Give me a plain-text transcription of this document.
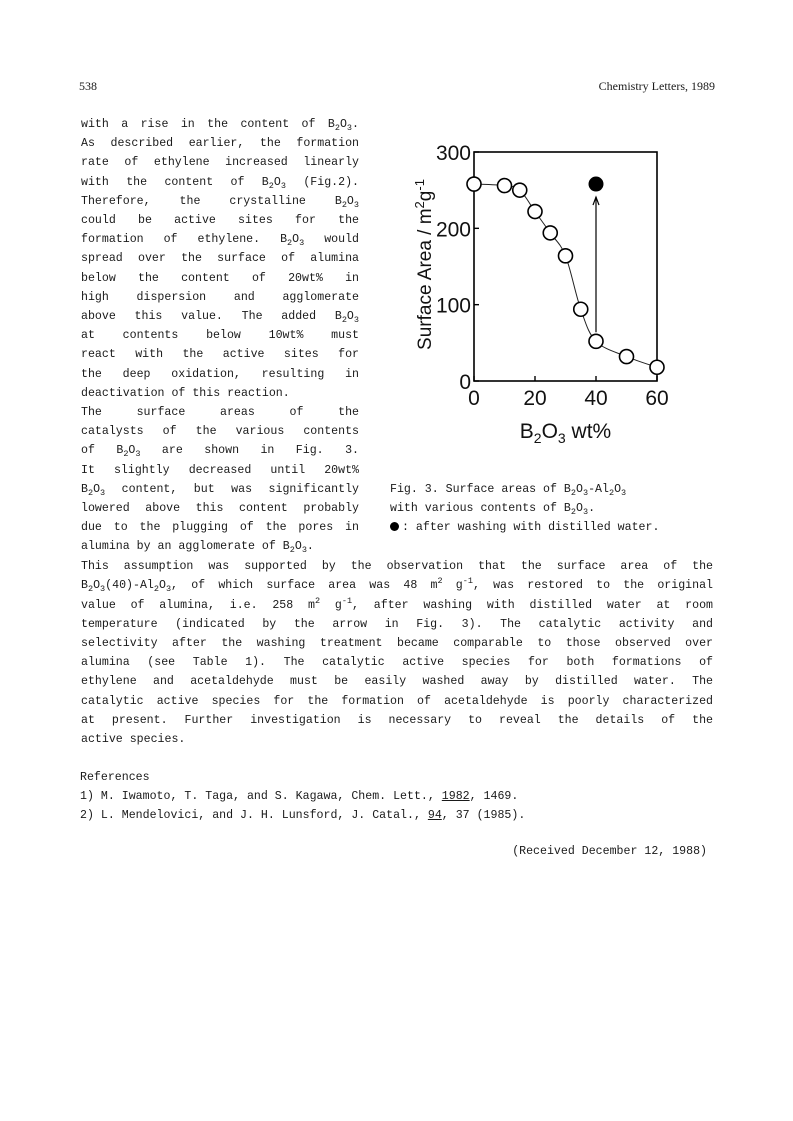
538	Chemistry Letters, 1989
with a rise in the content of $B_2O_3$.
As described earlier, the formation
rate of ethylene increased linearly
with the content of $B_2O_3$ (Fig.2).
Therefore, the crystalline $B_2O_3$
could be active sites for the
formation of ethylene. $B_2O_3$ would
spread over the surface of alumina
below the content of 20wt% in
high dispersion and agglomerate
above this value. The added $B_2O_3$
at contents below 10wt% must
react with the active sites for
the deep oxidation, resulting in
deactivation of this reaction.
The surface areas of the
catalysts of the various contents
of $B_2O_3$ are shown in Fig. 3.
It slightly decreased until 20wt%
$B_2O_3$ content, but was significantly
lowered above this content probably
due to the plugging of the pores in
alumina by an agglomerate of $B_2O_3$.
This assumption was supported by the observation that the surface area of the
$B_2O_3(40)-Al_2O_3$, of which surface area was 48 $m^2$ $g^{-1}$, was restored to the original
value of alumina, i.e. 258 $m^2$ $g^{-1}$, after washing with distilled water at room
temperature (indicated by the arrow in Fig. 3). The catalytic activity and
selectivity after the washing treatment became comparable to those observed over
alumina (see Table 1). The catalytic active species for both formations of
ethylene and acetaldehyde must be easily washed away by distilled water. The
catalytic active species for the formation of acetaldehyde is poorly characterized
at present. Further investigation is necessary to reveal the details of the
active species.
References
1) M. Iwamoto, T. Taga, and S. Kagawa, Chem. Lett., 1982, 1469.
2) L. Mendelovici, and J. H. Lunsford, J. Catal., 94, 37 (1985).
(Received December 12, 1988)
0 20 40 60
0
100
200
300
$B_2O_3$ wt%
Surface Area / $m^2g^{-1}$
Fig. 3. Surface areas of $B_2O_3-Al_2O_3$
with various contents of $B_2O_3$.
: after washing with distilled water.
